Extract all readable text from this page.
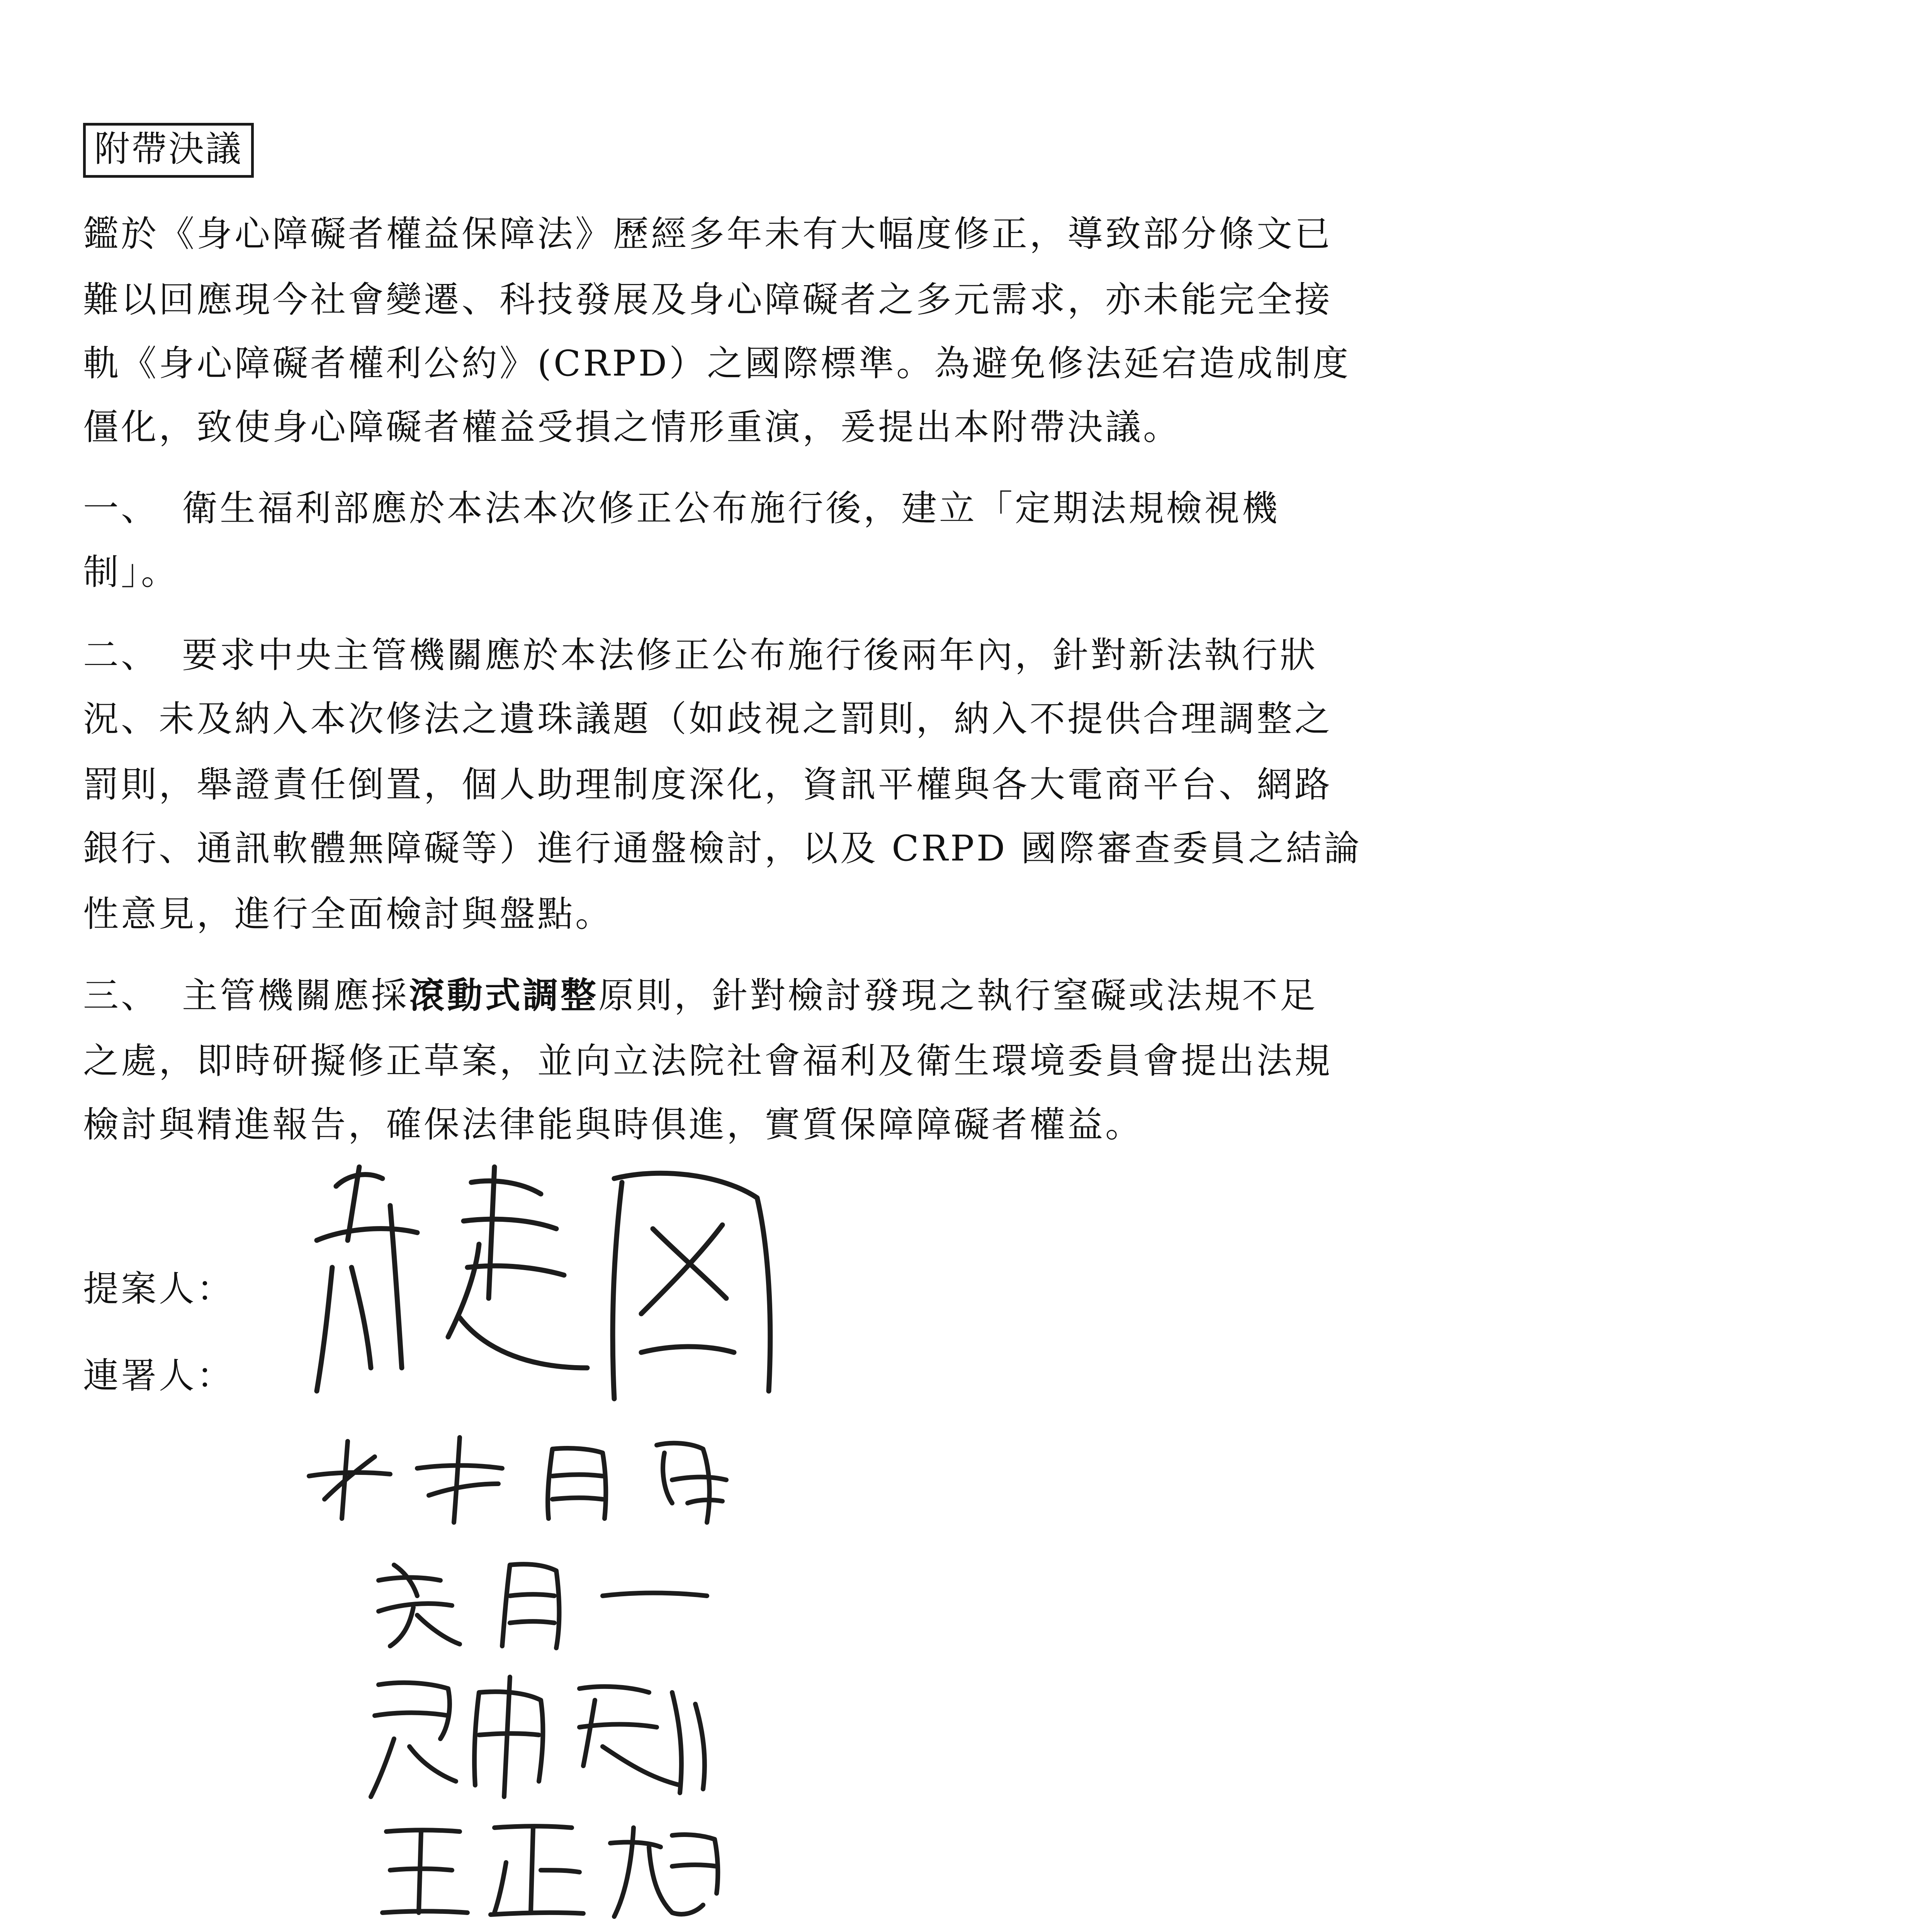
附帶決議
鑑於《身心障礙者權益保障法》歷經多年未有大幅度修正，導致部分條文已
難以回應現今社會變遷、科技發展及身心障礙者之多元需求，亦未能完全接
軌《身心障礙者權利公約》(CRPD）之國際標準。為避免修法延宕造成制度
僵化，致使身心障礙者權益受損之情形重演，爰提出本附帶決議。
一、 衛生福利部應於本法本次修正公布施行後，建立「定期法規檢視機
制」。
二、 要求中央主管機關應於本法修正公布施行後兩年內，針對新法執行狀
況、未及納入本次修法之遺珠議題（如歧視之罰則，納入不提供合理調整之
罰則，舉證責任倒置，個人助理制度深化，資訊平權與各大電商平台、網路
銀行、通訊軟體無障礙等）進行通盤檢討，以及 CRPD 國際審查委員之結論
性意見，進行全面檢討與盤點。
三、 主管機關應採滾動式調整原則，針對檢討發現之執行窒礙或法規不足
之處，即時研擬修正草案，並向立法院社會福利及衛生環境委員會提出法規
檢討與精進報告，確保法律能與時俱進，實質保障障礙者權益。
提案人：
連署人：
